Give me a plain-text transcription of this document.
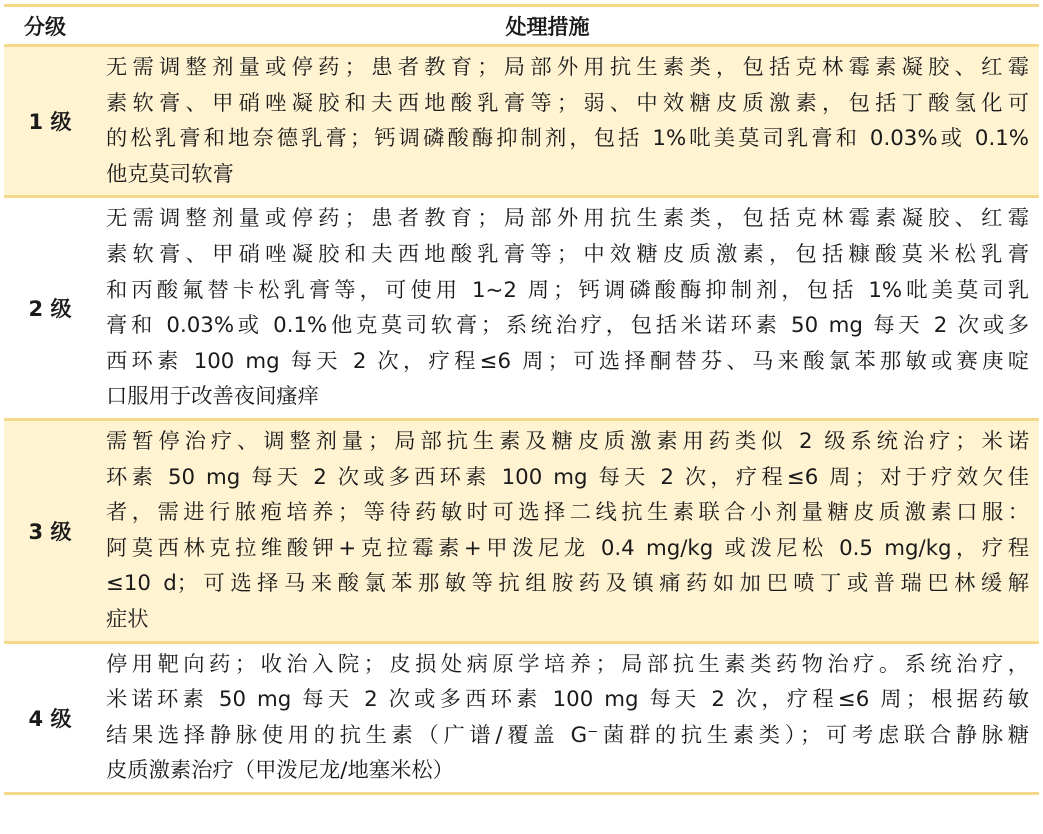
分级	处理措施
1 级
无需调整剂量或停药；患者教育；局部外用抗生素类，包括克林霉素凝胶、红霉
素软膏、甲硝唑凝胶和夫西地酸乳膏等；弱、中效糖皮质激素，包括丁酸氢化可
的松乳膏和地奈德乳膏；钙调磷酸酶抑制剂，包括 1%吡美莫司乳膏和 0.03%或 0.1%
他克莫司软膏
2 级
无需调整剂量或停药；患者教育；局部外用抗生素类，包括克林霉素凝胶、红霉
素软膏、甲硝唑凝胶和夫西地酸乳膏等；中效糖皮质激素，包括糠酸莫米松乳膏
和丙酸氟替卡松乳膏等，可使用 1~2 周；钙调磷酸酶抑制剂，包括 1%吡美莫司乳
膏和 0.03%或 0.1%他克莫司软膏；系统治疗，包括米诺环素 50 mg 每天 2 次或多
西环素 100 mg 每天 2 次，疗程≤6 周；可选择酮替芬、马来酸氯苯那敏或赛庚啶
口服用于改善夜间瘙痒
3 级
需暂停治疗、调整剂量；局部抗生素及糖皮质激素用药类似 2 级系统治疗；米诺
环素 50 mg 每天 2 次或多西环素 100 mg 每天 2 次，疗程≤6 周；对于疗效欠佳
者，需进行脓疱培养；等待药敏时可选择二线抗生素联合小剂量糖皮质激素口服：
阿莫西林克拉维酸钾+克拉霉素+甲泼尼龙 0.4 mg/kg 或泼尼松 0.5 mg/kg，疗程
≤10 d；可选择马来酸氯苯那敏等抗组胺药及镇痛药如加巴喷丁或普瑞巴林缓解
症状
4 级
停用靶向药；收治入院；皮损处病原学培养；局部抗生素类药物治疗。系统治疗，
米诺环素 50 mg 每天 2 次或多西环素 100 mg 每天 2 次，疗程≤6 周；根据药敏
结果选择静脉使用的抗生素（广谱/覆盖 G⁻菌群的抗生素类）；可考虑联合静脉糖
皮质激素治疗（甲泼尼龙/地塞米松）
